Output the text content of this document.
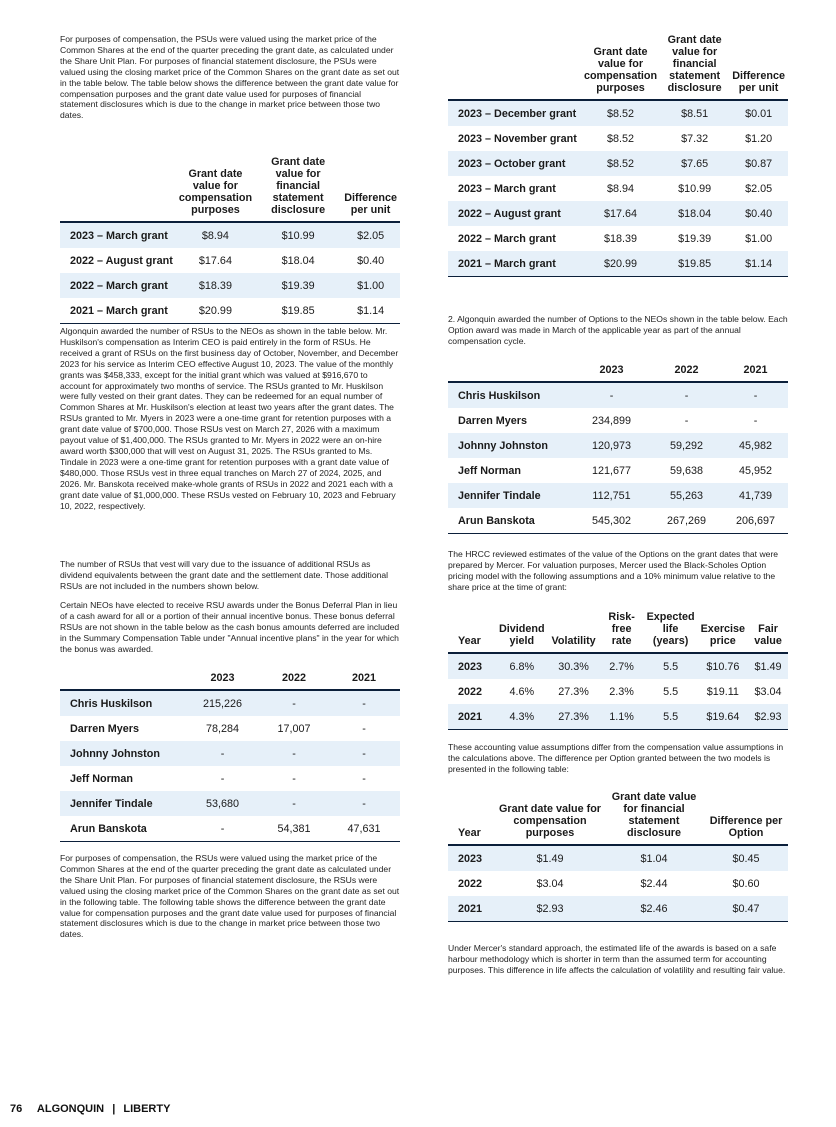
For purposes of compensation, the PSUs were valued using the market price of the Common Shares at the end of the quarter preceding the grant date, as calculated under the Share Unit Plan. For purposes of financial statement disclosure, the PSUs were valued using the closing market price of the Common Shares on the grant date as set out in the table below. The table below shows the difference between the grant date value for compensation purposes and the grant date value used for purposes of financial statement disclosures which is due to the change in market price between those two dates.

	Grant date value for compensation purposes	Grant date value for financial statement disclosure	Difference per unit
2023 – March grant	$8.94	$10.99	$2.05
2022 – August grant	$17.64	$18.04	$0.40
2022 – March grant	$18.39	$19.39	$1.00
2021 – March grant	$20.99	$19.85	$1.14

Algonquin awarded the number of RSUs to the NEOs as shown in the table below. Mr. Huskilson's compensation as Interim CEO is paid entirely in the form of RSUs. He received a grant of RSUs on the first business day of October, November, and December 2023 for his service as Interim CEO effective August 10, 2023. The value of the monthly grants was $458,333, except for the initial grant which was valued at $916,670 to account for approximately two months of service. The RSUs granted to Mr. Huskilson were fully vested on their grant dates. They can be redeemed for an equal number of Common Shares at Mr. Huskilson's election at least two years after the grant dates. The RSUs granted to Mr. Myers in 2023 were a one-time grant for retention purposes with a grant date value of $700,000. Those RSUs vest on March 27, 2026 with a maximum payout value of $1,400,000. The RSUs granted to Mr. Myers in 2022 were an on-hire award worth $300,000 that will vest on August 31, 2025. The RSUs granted to Ms. Tindale in 2023 were a one-time grant for retention purposes with a grant date value of $480,000. Those RSUs vest in three equal tranches on March 27 of 2024, 2025, and 2026. Mr. Banskota received make-whole grants of RSUs in 2022 and 2021 each with a grant date value of $1,000,000. These RSUs vested on February 10, 2023 and February 10, 2022, respectively.

The number of RSUs that vest will vary due to the issuance of additional RSUs as dividend equivalents between the grant date and the settlement date. Those additional RSUs are not included in the numbers shown below.

Certain NEOs have elected to receive RSU awards under the Bonus Deferral Plan in lieu of a cash award for all or a portion of their annual incentive bonus. These bonus deferral RSUs are not shown in the table below as the cash bonus amounts deferred are included in the Summary Compensation Table under "Annual incentive plans" in the year for which the bonus was awarded.

	2023	2022	2021
Chris Huskilson	215,226	-	-
Darren Myers	78,284	17,007	-
Johnny Johnston	-	-	-
Jeff Norman	-	-	-
Jennifer Tindale	53,680	-	-
Arun Banskota	-	54,381	47,631

For purposes of compensation, the RSUs were valued using the market price of the Common Shares at the end of the quarter preceding the grant date as calculated under the Share Unit Plan. For purposes of financial statement disclosure, the RSUs were valued using the closing market price of the Common Shares on the grant date as set out in the following table. The following table shows the difference between the grant date value for compensation purposes and the grant date value used for purposes of financial statement disclosures which is due to the change in market price between those two dates.

	Grant date value for compensation purposes	Grant date value for financial statement disclosure	Difference per unit
2023 – December grant	$8.52	$8.51	$0.01
2023 – November grant	$8.52	$7.32	$1.20
2023 – October grant	$8.52	$7.65	$0.87
2023 – March grant	$8.94	$10.99	$2.05
2022 – August grant	$17.64	$18.04	$0.40
2022 – March grant	$18.39	$19.39	$1.00
2021 – March grant	$20.99	$19.85	$1.14

2. Algonquin awarded the number of Options to the NEOs shown in the table below. Each Option award was made in March of the applicable year as part of the annual compensation cycle.

	2023	2022	2021
Chris Huskilson	-	-	-
Darren Myers	234,899	-	-
Johnny Johnston	120,973	59,292	45,982
Jeff Norman	121,677	59,638	45,952
Jennifer Tindale	112,751	55,263	41,739
Arun Banskota	545,302	267,269	206,697

The HRCC reviewed estimates of the value of the Options on the grant dates that were prepared by Mercer. For valuation purposes, Mercer used the Black-Scholes Option pricing model with the following assumptions and a 10% minimum value relative to the share price at the time of grant:

Year	Dividend yield	Volatility	Risk-free rate	Expected life (years)	Exercise price	Fair value
2023	6.8%	30.3%	2.7%	5.5	$10.76	$1.49
2022	4.6%	27.3%	2.3%	5.5	$19.11	$3.04
2021	4.3%	27.3%	1.1%	5.5	$19.64	$2.93

These accounting value assumptions differ from the compensation value assumptions in the calculations above. The difference per Option granted between the two models is presented in the following table:

Year	Grant date value for compensation purposes	Grant date value for financial statement disclosure	Difference per Option
2023	$1.49	$1.04	$0.45
2022	$3.04	$2.44	$0.60
2021	$2.93	$2.46	$0.47

Under Mercer's standard approach, the estimated life of the awards is based on a safe harbour methodology which is shorter in term than the assumed term for accounting purposes. This difference in life affects the calculation of volatility and resulting fair value.

76 ALGONQUIN | LIBERTY
